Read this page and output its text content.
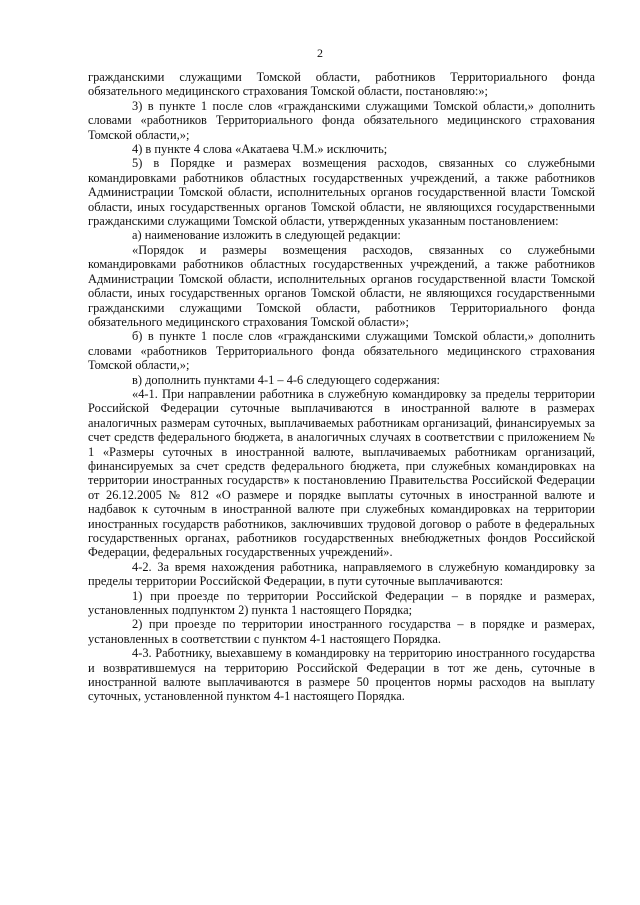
2

гражданскими служащими Томской области, работников Территориального фонда обязательного медицинского страхования Томской области, постановляю:»;

3) в пункте 1 после слов «гражданскими служащими Томской области,» дополнить словами «работников Территориального фонда обязательного медицинского страхования Томской области,»;

4) в пункте 4 слова «Акатаева Ч.М.» исключить;

5) в Порядке и размерах возмещения расходов, связанных со служебными командировками работников областных государственных учреждений, а также работников Администрации Томской области, исполнительных органов государственной власти Томской области, иных государственных органов Томской области, не являющихся государственными гражданскими служащими Томской области, утвержденных указанным постановлением:

а) наименование изложить в следующей редакции:

«Порядок и размеры возмещения расходов, связанных со служебными командировками работников областных государственных учреждений, а также работников Администрации Томской области, исполнительных органов государственной власти Томской области, иных государственных органов Томской области, не являющихся государственными гражданскими служащими Томской области, работников Территориального фонда обязательного медицинского страхования Томской области»;

б) в пункте 1 после слов «гражданскими служащими Томской области,» дополнить словами «работников Территориального фонда обязательного медицинского страхования Томской области,»;

в) дополнить пунктами 4-1 – 4-6 следующего содержания:

«4-1. При направлении работника в служебную командировку за пределы территории Российской Федерации суточные выплачиваются в иностранной валюте в размерах аналогичных размерам суточных, выплачиваемых работникам организаций, финансируемых за счет средств федерального бюджета, в аналогичных случаях в соответствии с приложением № 1 «Размеры суточных в иностранной валюте, выплачиваемых работникам организаций, финансируемых за счет средств федерального бюджета, при служебных командировках на территории иностранных государств» к постановлению Правительства Российской Федерации от 26.12.2005 № 812 «О размере и порядке выплаты суточных в иностранной валюте и надбавок к суточным в иностранной валюте при служебных командировках на территории иностранных государств работников, заключивших трудовой договор о работе в федеральных государственных органах, работников государственных внебюджетных фондов Российской Федерации, федеральных государственных учреждений».

4-2. За время нахождения работника, направляемого в служебную командировку за пределы территории Российской Федерации, в пути суточные выплачиваются:

1) при проезде по территории Российской Федерации – в порядке и размерах, установленных подпунктом 2) пункта 1 настоящего Порядка;

2) при проезде по территории иностранного государства – в порядке и размерах, установленных в соответствии с пунктом 4-1 настоящего Порядка.

4-3. Работнику, выехавшему в командировку на территорию иностранного государства и возвратившемуся на территорию Российской Федерации в тот же день, суточные в иностранной валюте выплачиваются в размере 50 процентов нормы расходов на выплату суточных, установленной пунктом 4-1 настоящего Порядка.
